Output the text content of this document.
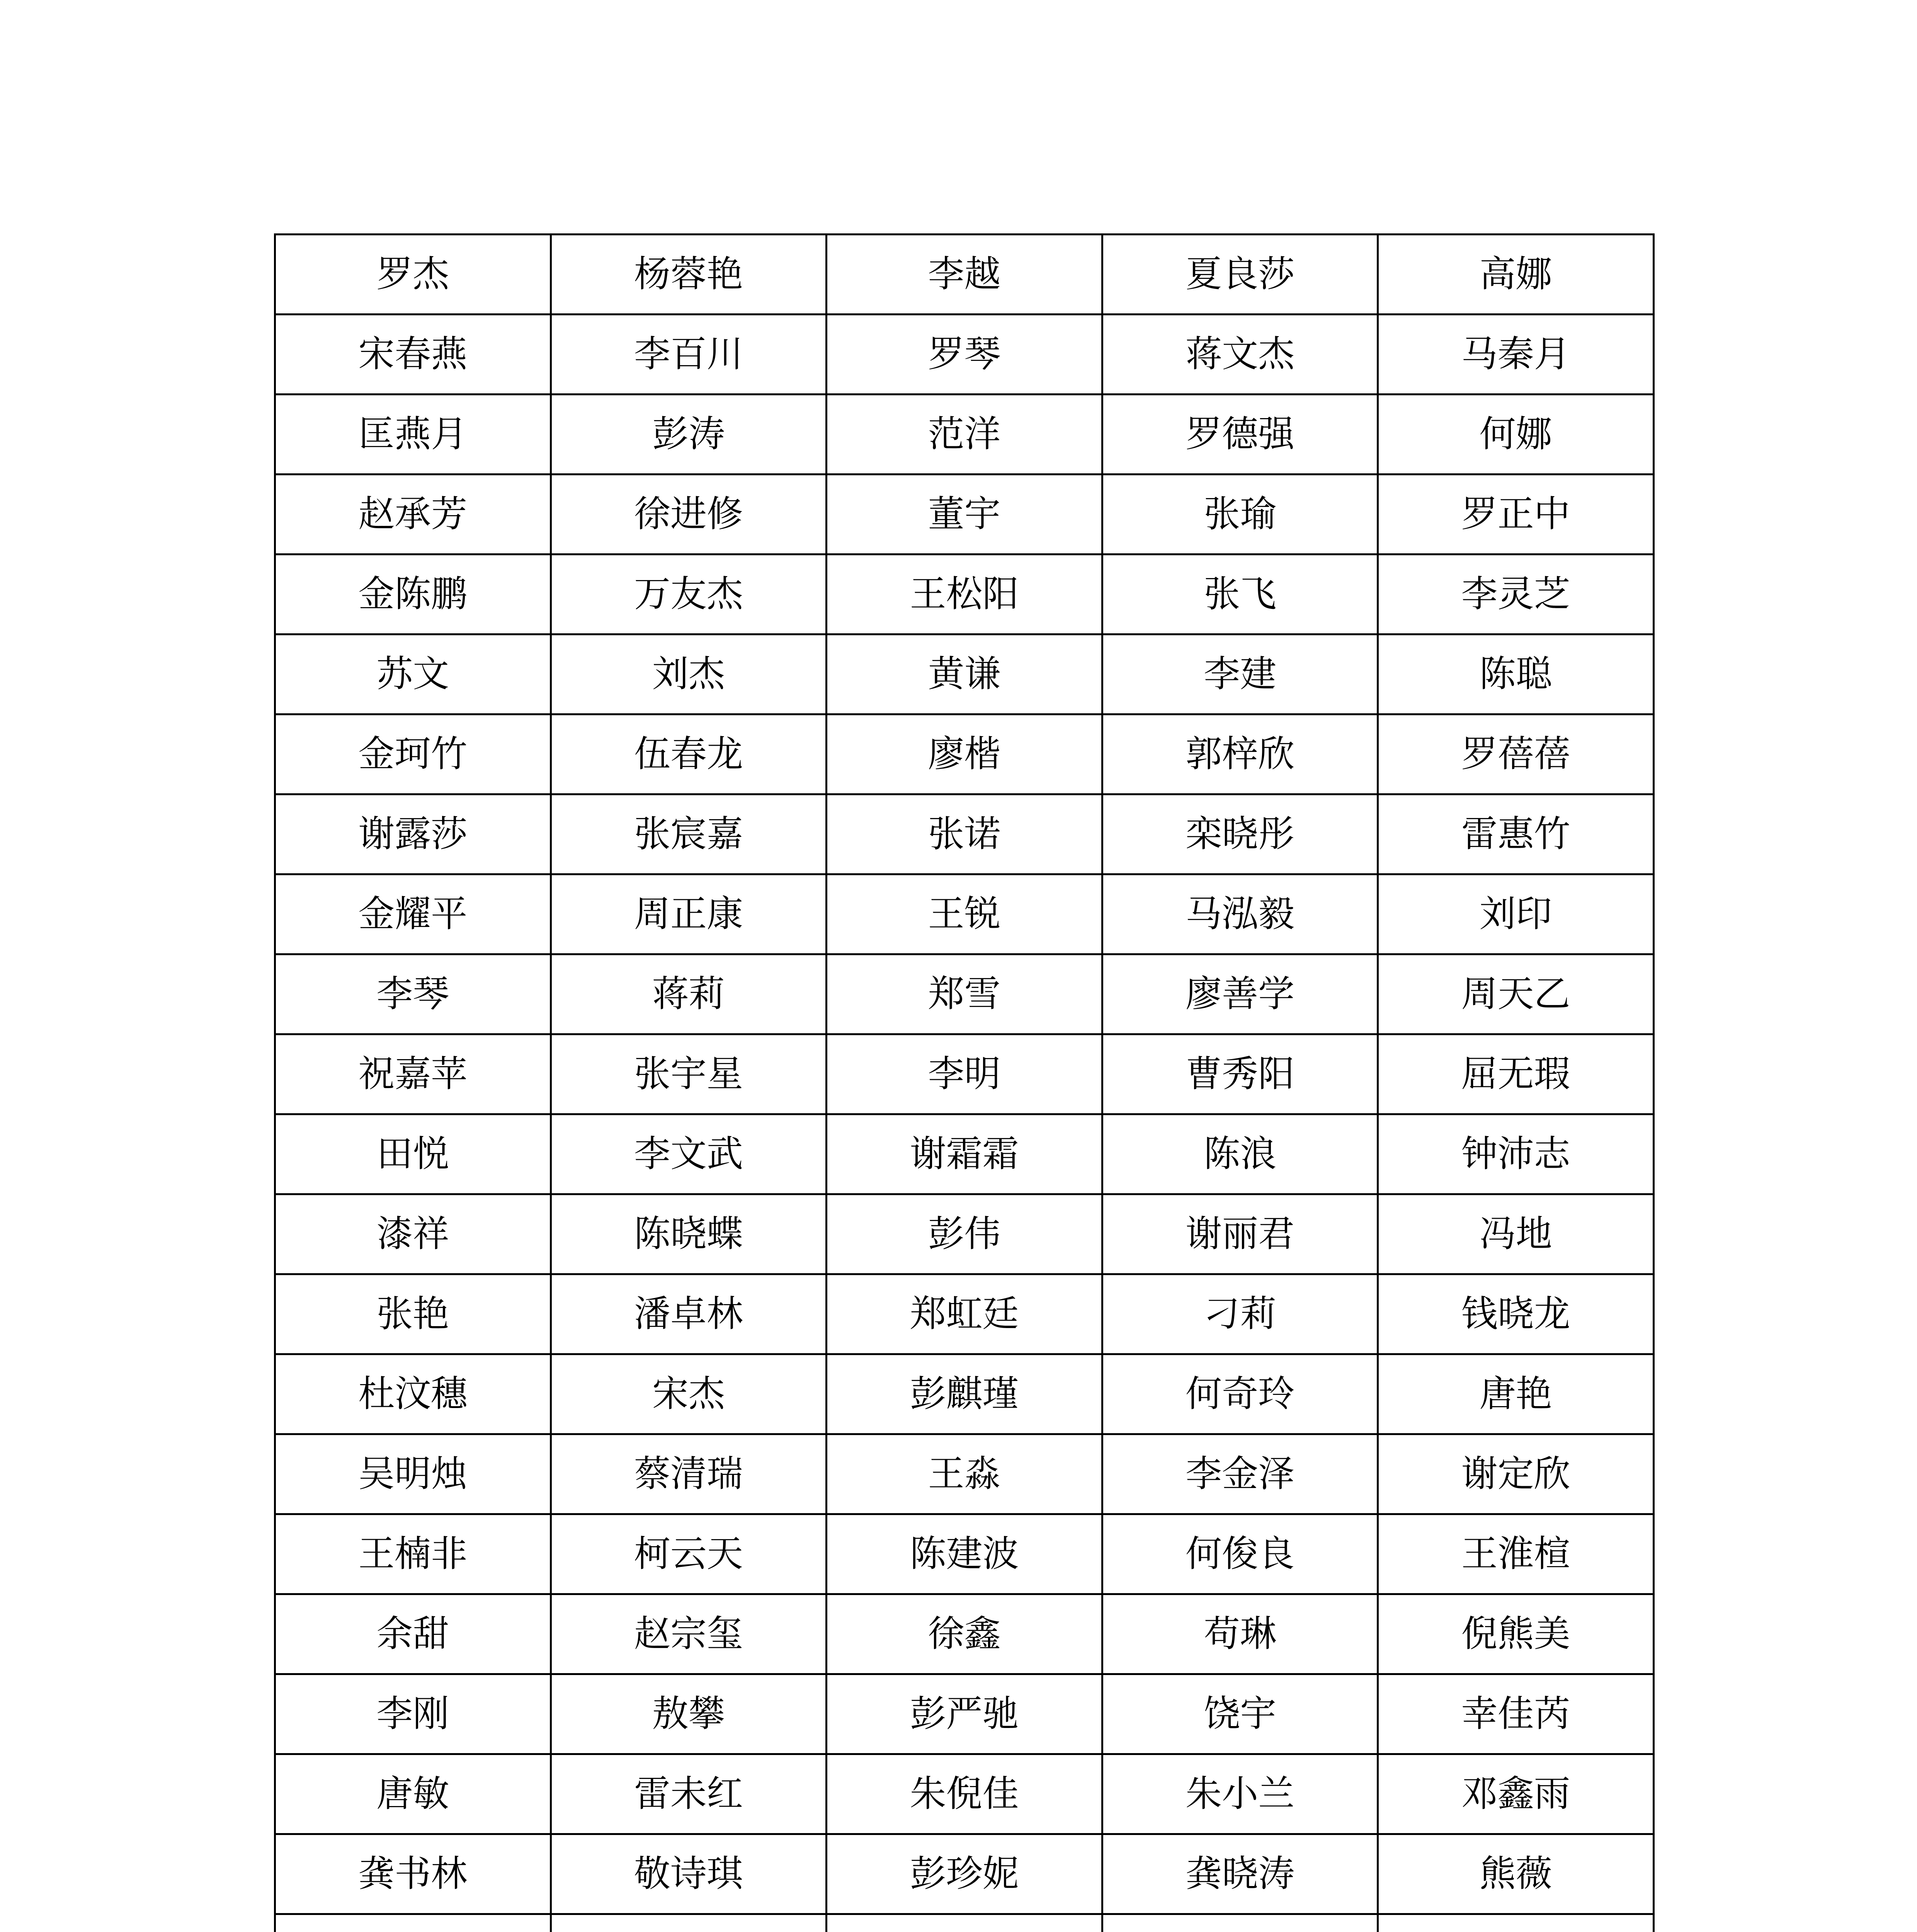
罗杰	杨蓉艳	李越	夏良莎	高娜
宋春燕	李百川	罗琴	蒋文杰	马秦月
匡燕月	彭涛	范洋	罗德强	何娜
赵承芳	徐进修	董宇	张瑜	罗正中
金陈鹏	万友杰	王松阳	张飞	李灵芝
苏文	刘杰	黄谦	李建	陈聪
金珂竹	伍春龙	廖楷	郭梓欣	罗蓓蓓
谢露莎	张宸嘉	张诺	栾晓彤	雷惠竹
金耀平	周正康	王锐	马泓毅	刘印
李琴	蒋莉	郑雪	廖善学	周天乙
祝嘉苹	张宇星	李明	曹秀阳	屈无瑕
田悦	李文武	谢霜霜	陈浪	钟沛志
漆祥	陈晓蝶	彭伟	谢丽君	冯地
张艳	潘卓林	郑虹廷	刁莉	钱晓龙
杜汶穗	宋杰	彭麒瑾	何奇玲	唐艳
吴明烛	蔡清瑞	王淼	李金泽	谢定欣
王楠非	柯云天	陈建波	何俊良	王淮楦
余甜	赵宗玺	徐鑫	苟琳	倪熊美
李刚	敖攀	彭严驰	饶宇	幸佳芮
唐敏	雷未红	朱倪佳	朱小兰	邓鑫雨
龚书林	敬诗琪	彭珍妮	龚晓涛	熊薇
